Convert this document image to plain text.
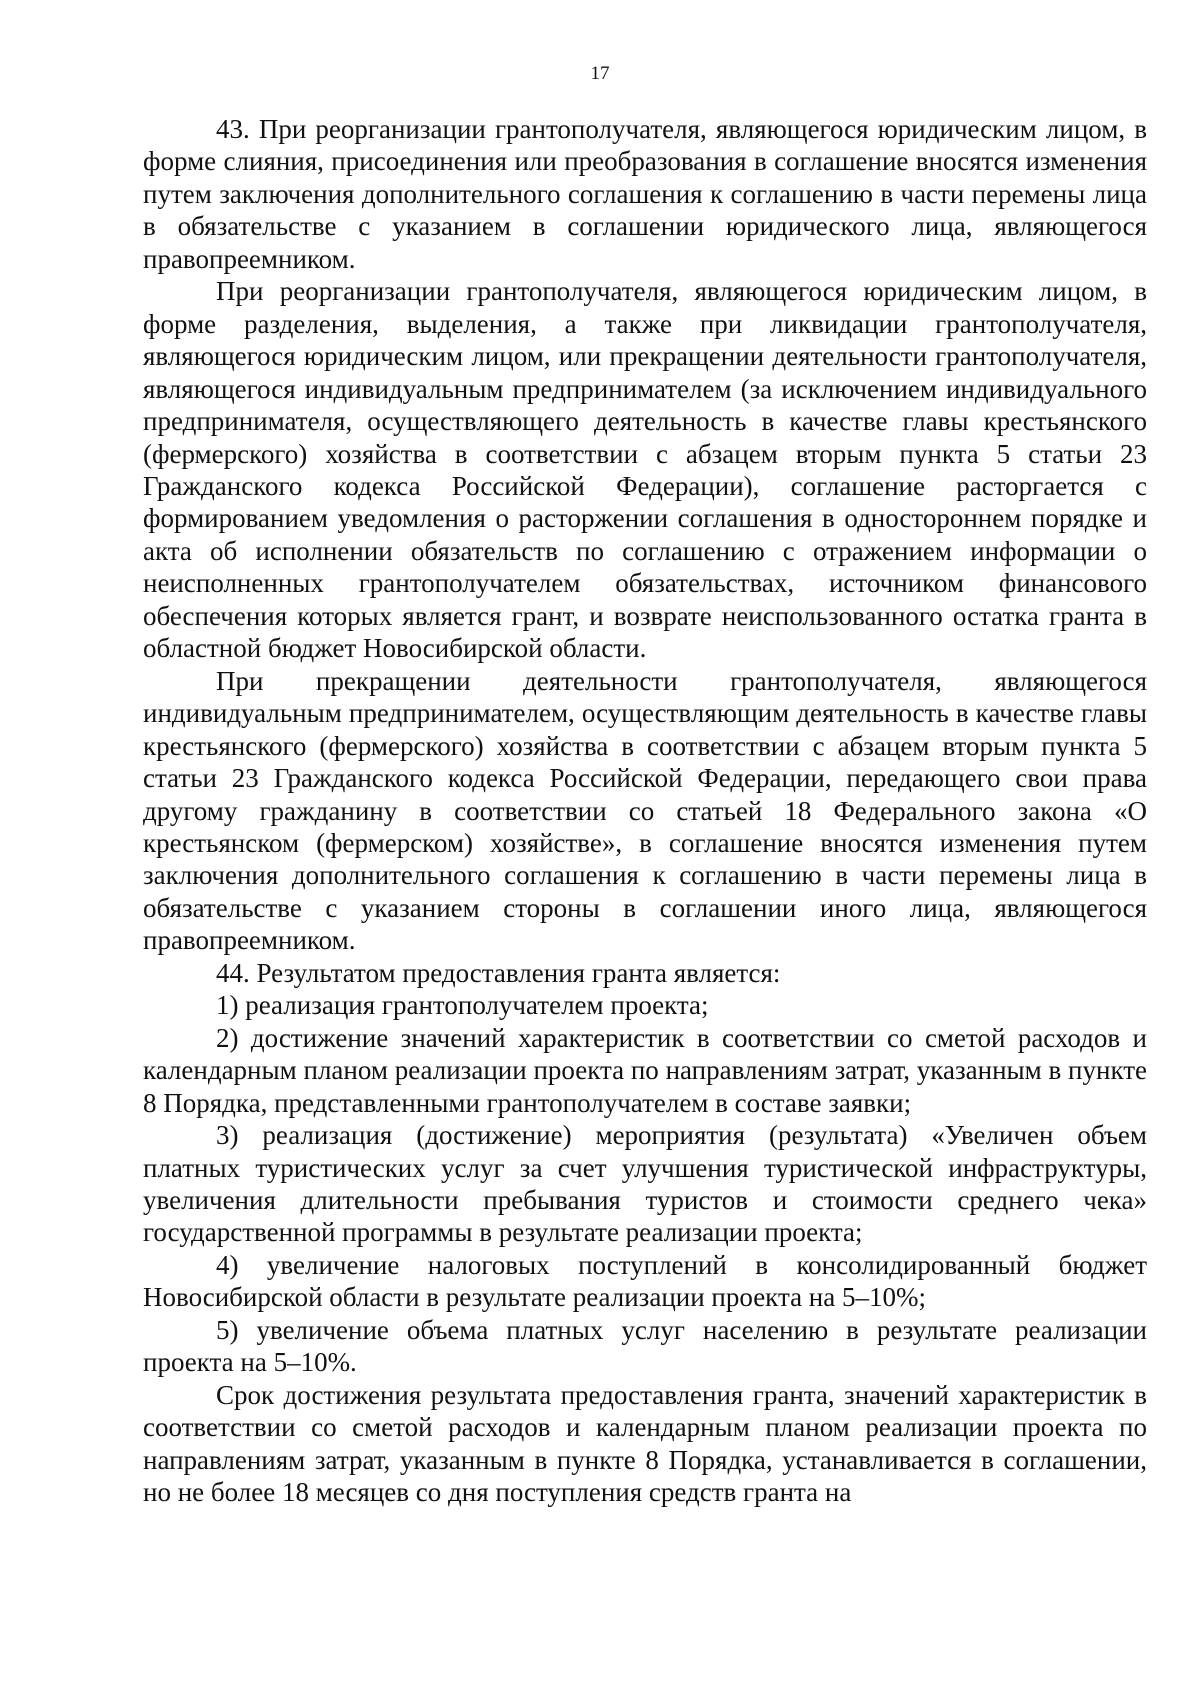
17

43. При реорганизации грантополучателя, являющегося юридическим лицом, в форме слияния, присоединения или преобразования в соглашение вносятся изменения путем заключения дополнительного соглашения к соглашению в части перемены лица в обязательстве с указанием в соглашении юридического лица, являющегося правопреемником.

При реорганизации грантополучателя, являющегося юридическим лицом, в форме разделения, выделения, а также при ликвидации грантополучателя, являющегося юридическим лицом, или прекращении деятельности грантополучателя, являющегося индивидуальным предпринимателем (за исключением индивидуального предпринимателя, осуществляющего деятельность в качестве главы крестьянского (фермерского) хозяйства в соответствии с абзацем вторым пункта 5 статьи 23 Гражданского кодекса Российской Федерации), соглашение расторгается с формированием уведомления о расторжении соглашения в одностороннем порядке и акта об исполнении обязательств по соглашению с отражением информации о неисполненных грантополучателем обязательствах, источником финансового обеспечения которых является грант, и возврате неиспользованного остатка гранта в областной бюджет Новосибирской области.

При прекращении деятельности грантополучателя, являющегося индивидуальным предпринимателем, осуществляющим деятельность в качестве главы крестьянского (фермерского) хозяйства в соответствии с абзацем вторым пункта 5 статьи 23 Гражданского кодекса Российской Федерации, передающего свои права другому гражданину в соответствии со статьей 18 Федерального закона «О крестьянском (фермерском) хозяйстве», в соглашение вносятся изменения путем заключения дополнительного соглашения к соглашению в части перемены лица в обязательстве с указанием стороны в соглашении иного лица, являющегося правопреемником.

44. Результатом предоставления гранта является:

1) реализация грантополучателем проекта;

2) достижение значений характеристик в соответствии со сметой расходов и календарным планом реализации проекта по направлениям затрат, указанным в пункте 8 Порядка, представленными грантополучателем в составе заявки;

3) реализация (достижение) мероприятия (результата) «Увеличен объем платных туристических услуг за счет улучшения туристической инфраструктуры, увеличения длительности пребывания туристов и стоимости среднего чека» государственной программы в результате реализации проекта;

4) увеличение налоговых поступлений в консолидированный бюджет Новосибирской области в результате реализации проекта на 5–10%;

5) увеличение объема платных услуг населению в результате реализации проекта на 5–10%.

Срок достижения результата предоставления гранта, значений характеристик в соответствии со сметой расходов и календарным планом реализации проекта по направлениям затрат, указанным в пункте 8 Порядка, устанавливается в соглашении, но не более 18 месяцев со дня поступления средств гранта на
